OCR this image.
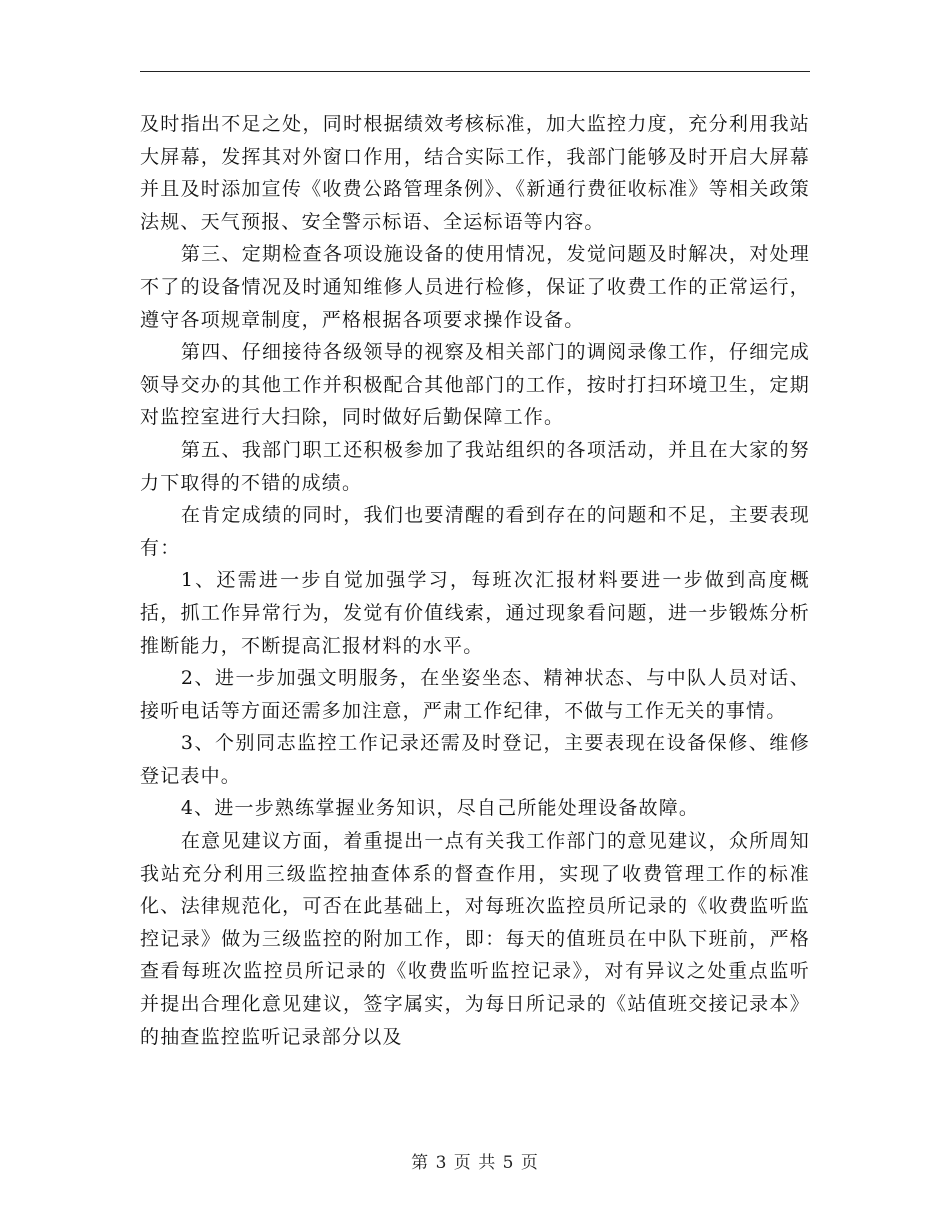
及时指出不足之处，同时根据绩效考核标准，加大监控力度，充分利用我站大屏幕，发挥其对外窗口作用，结合实际工作，我部门能够及时开启大屏幕并且及时添加宣传《收费公路管理条例》、《新通行费征收标准》等相关政策法规、天气预报、安全警示标语、全运标语等内容。

第三、定期检查各项设施设备的使用情况，发觉问题及时解决，对处理不了的设备情况及时通知维修人员进行检修，保证了收费工作的正常运行，遵守各项规章制度，严格根据各项要求操作设备。

第四、仔细接待各级领导的视察及相关部门的调阅录像工作，仔细完成领导交办的其他工作并积极配合其他部门的工作，按时打扫环境卫生，定期对监控室进行大扫除，同时做好后勤保障工作。

第五、我部门职工还积极参加了我站组织的各项活动，并且在大家的努力下取得的不错的成绩。

在肯定成绩的同时，我们也要清醒的看到存在的问题和不足，主要表现有：

1、还需进一步自觉加强学习，每班次汇报材料要进一步做到高度概括，抓工作异常行为，发觉有价值线索，通过现象看问题，进一步锻炼分析推断能力，不断提高汇报材料的水平。

2、进一步加强文明服务，在坐姿坐态、精神状态、与中队人员对话、接听电话等方面还需多加注意，严肃工作纪律，不做与工作无关的事情。

3、个别同志监控工作记录还需及时登记，主要表现在设备保修、维修登记表中。

4、进一步熟练掌握业务知识，尽自己所能处理设备故障。

在意见建议方面，着重提出一点有关我工作部门的意见建议，众所周知我站充分利用三级监控抽查体系的督查作用，实现了收费管理工作的标准化、法律规范化，可否在此基础上，对每班次监控员所记录的《收费监听监控记录》做为三级监控的附加工作，即：每天的值班员在中队下班前，严格查看每班次监控员所记录的《收费监听监控记录》，对有异议之处重点监听并提出合理化意见建议，签字属实，为每日所记录的《站值班交接记录本》的抽查监控监听记录部分以及

第 3 页 共 5 页
